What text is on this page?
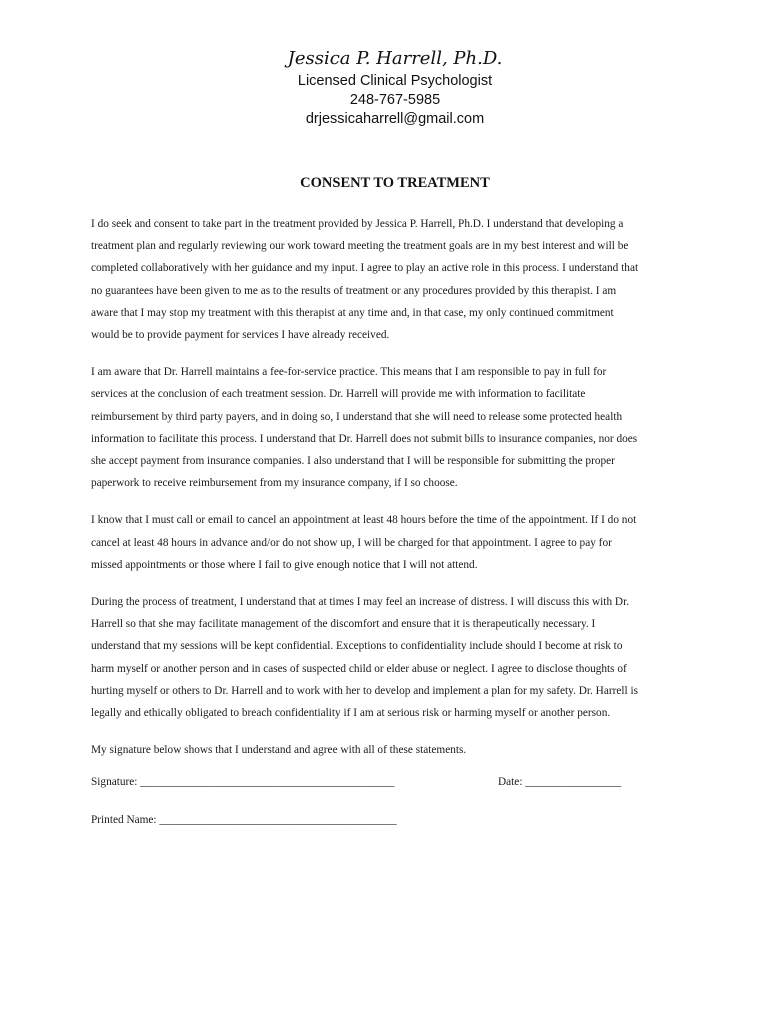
Jessica P. Harrell, Ph.D.
Licensed Clinical Psychologist
248-767-5985
drjessicaharrell@gmail.com
CONSENT TO TREATMENT
I do seek and consent to take part in the treatment provided by Jessica P. Harrell, Ph.D. I understand that developing a
treatment plan and regularly reviewing our work toward meeting the treatment goals are in my best interest and will be
completed collaboratively with her guidance and my input. I agree to play an active role in this process. I understand that
no guarantees have been given to me as to the results of treatment or any procedures provided by this therapist. I am
aware that I may stop my treatment with this therapist at any time and, in that case, my only continued commitment
would be to provide payment for services I have already received.
I am aware that Dr. Harrell maintains a fee-for-service practice. This means that I am responsible to pay in full for
services at the conclusion of each treatment session. Dr. Harrell will provide me with information to facilitate
reimbursement by third party payers, and in doing so, I understand that she will need to release some protected health
information to facilitate this process. I understand that Dr. Harrell does not submit bills to insurance companies, nor does
she accept payment from insurance companies. I also understand that I will be responsible for submitting the proper
paperwork to receive reimbursement from my insurance company, if I so choose.
I know that I must call or email to cancel an appointment at least 48 hours before the time of the appointment. If I do not
cancel at least 48 hours in advance and/or do not show up, I will be charged for that appointment. I agree to pay for
missed appointments or those where I fail to give enough notice that I will not attend.
During the process of treatment, I understand that at times I may feel an increase of distress. I will discuss this with Dr.
Harrell so that she may facilitate management of the discomfort and ensure that it is therapeutically necessary. I
understand that my sessions will be kept confidential. Exceptions to confidentiality include should I become at risk to
harm myself or another person and in cases of suspected child or elder abuse or neglect. I agree to disclose thoughts of
hurting myself or others to Dr. Harrell and to work with her to develop and implement a plan for my safety. Dr. Harrell is
legally and ethically obligated to breach confidentiality if I am at serious risk or harming myself or another person.
My signature below shows that I understand and agree with all of these statements.
Signature: _____________________________________________	Date: _________________
Printed Name: __________________________________________
